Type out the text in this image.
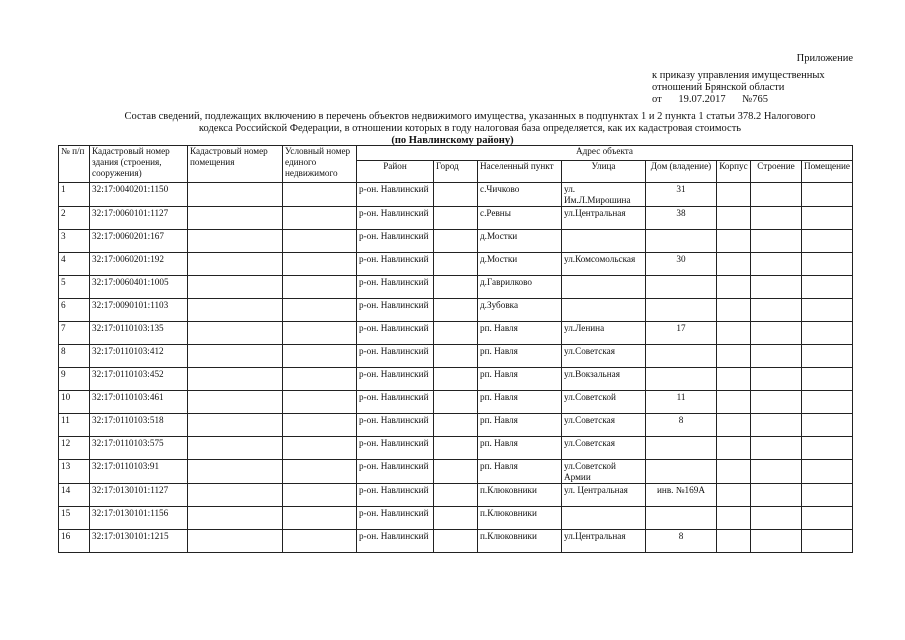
Приложение
к приказу управления имущественных
отношений Брянской области
от 19.07.2017 №765
Состав сведений, подлежащих включению в перечень объектов недвижимого имущества, указанных в подпунктах 1 и 2 пункта 1 статьи 378.2 Налогового
кодекса Российской Федерации, в отношении которых в году налоговая база определяется, как их кадастровая стоимость
(по Навлинскому району)
№ п/п	Кадастровый номер здания (строения, сооружения)	Кадастровый номер помещения	Условный номер единого недвижимого	Адрес объекта							
				Район	Город	Населенный пункт	Улица	Дом (владение)	Корпус	Строение	Помещение
1	32:17:0040201:1150			р-он. Навлинский		с.Чичково	ул. Им.Л.Мирошина	31			
2	32:17:0060101:1127			р-он. Навлинский		с.Ревны	ул.Центральная	38			
3	32:17:0060201:167			р-он. Навлинский		д.Мостки					
4	32:17:0060201:192			р-он. Навлинский		д.Мостки	ул.Комсомольская	30			
5	32:17:0060401:1005			р-он. Навлинский		д.Гаврилково					
6	32:17:0090101:1103			р-он. Навлинский		д.Зубовка					
7	32:17:0110103:135			р-он. Навлинский		рп. Навля	ул.Ленина	17			
8	32:17:0110103:412			р-он. Навлинский		рп. Навля	ул.Советская				
9	32:17:0110103:452			р-он. Навлинский		рп. Навля	ул.Вокзальная				
10	32:17:0110103:461			р-он. Навлинский		рп. Навля	ул.Советской	11			
11	32:17:0110103:518			р-он. Навлинский		рп. Навля	ул.Советская	8			
12	32:17:0110103:575			р-он. Навлинский		рп. Навля	ул.Советская				
13	32:17:0110103:91			р-он. Навлинский		рп. Навля	ул.Советской Армии				
14	32:17:0130101:1127			р-он. Навлинский		п.Клюковники	ул. Центральная	инв. №169А			
15	32:17:0130101:1156			р-он. Навлинский		п.Клюковники					
16	32:17:0130101:1215			р-он. Навлинский		п.Клюковники	ул.Центральная	8			
